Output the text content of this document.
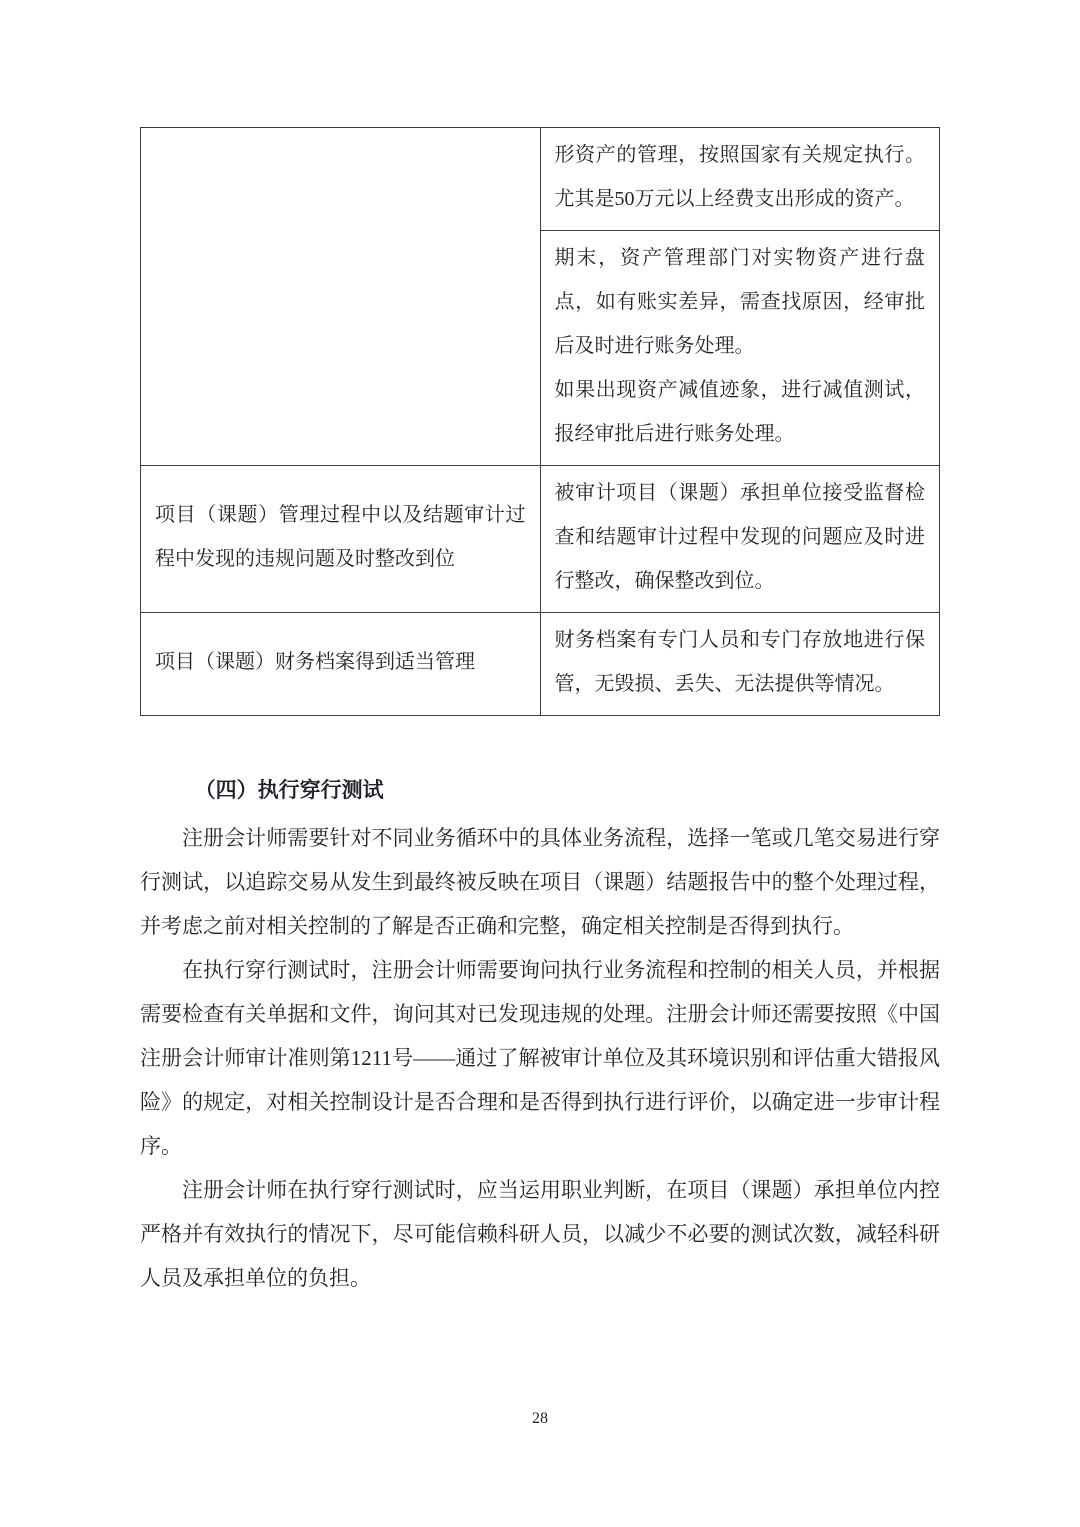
	形资产的管理，按照国家有关规定执行。尤其是50万元以上经费支出形成的资产。

	期末，资产管理部门对实物资产进行盘点，如有账实差异，需查找原因，经审批后及时进行账务处理。

如果出现资产减值迹象，进行减值测试，报经审批后进行账务处理。

项目（课题）管理过程中以及结题审计过程中发现的违规问题及时整改到位	被审计项目（课题）承担单位接受监督检查和结题审计过程中发现的问题应及时进行整改，确保整改到位。

项目（课题）财务档案得到适当管理	财务档案有专门人员和专门存放地进行保管，无毁损、丢失、无法提供等情况。

（四）执行穿行测试

注册会计师需要针对不同业务循环中的具体业务流程，选择一笔或几笔交易进行穿行测试，以追踪交易从发生到最终被反映在项目（课题）结题报告中的整个处理过程，并考虑之前对相关控制的了解是否正确和完整，确定相关控制是否得到执行。

在执行穿行测试时，注册会计师需要询问执行业务流程和控制的相关人员，并根据需要检查有关单据和文件，询问其对已发现违规的处理。注册会计师还需要按照《中国注册会计师审计准则第1211号——通过了解被审计单位及其环境识别和评估重大错报风险》的规定，对相关控制设计是否合理和是否得到执行进行评价，以确定进一步审计程序。

注册会计师在执行穿行测试时，应当运用职业判断，在项目（课题）承担单位内控严格并有效执行的情况下，尽可能信赖科研人员，以减少不必要的测试次数，减轻科研人员及承担单位的负担。

28
